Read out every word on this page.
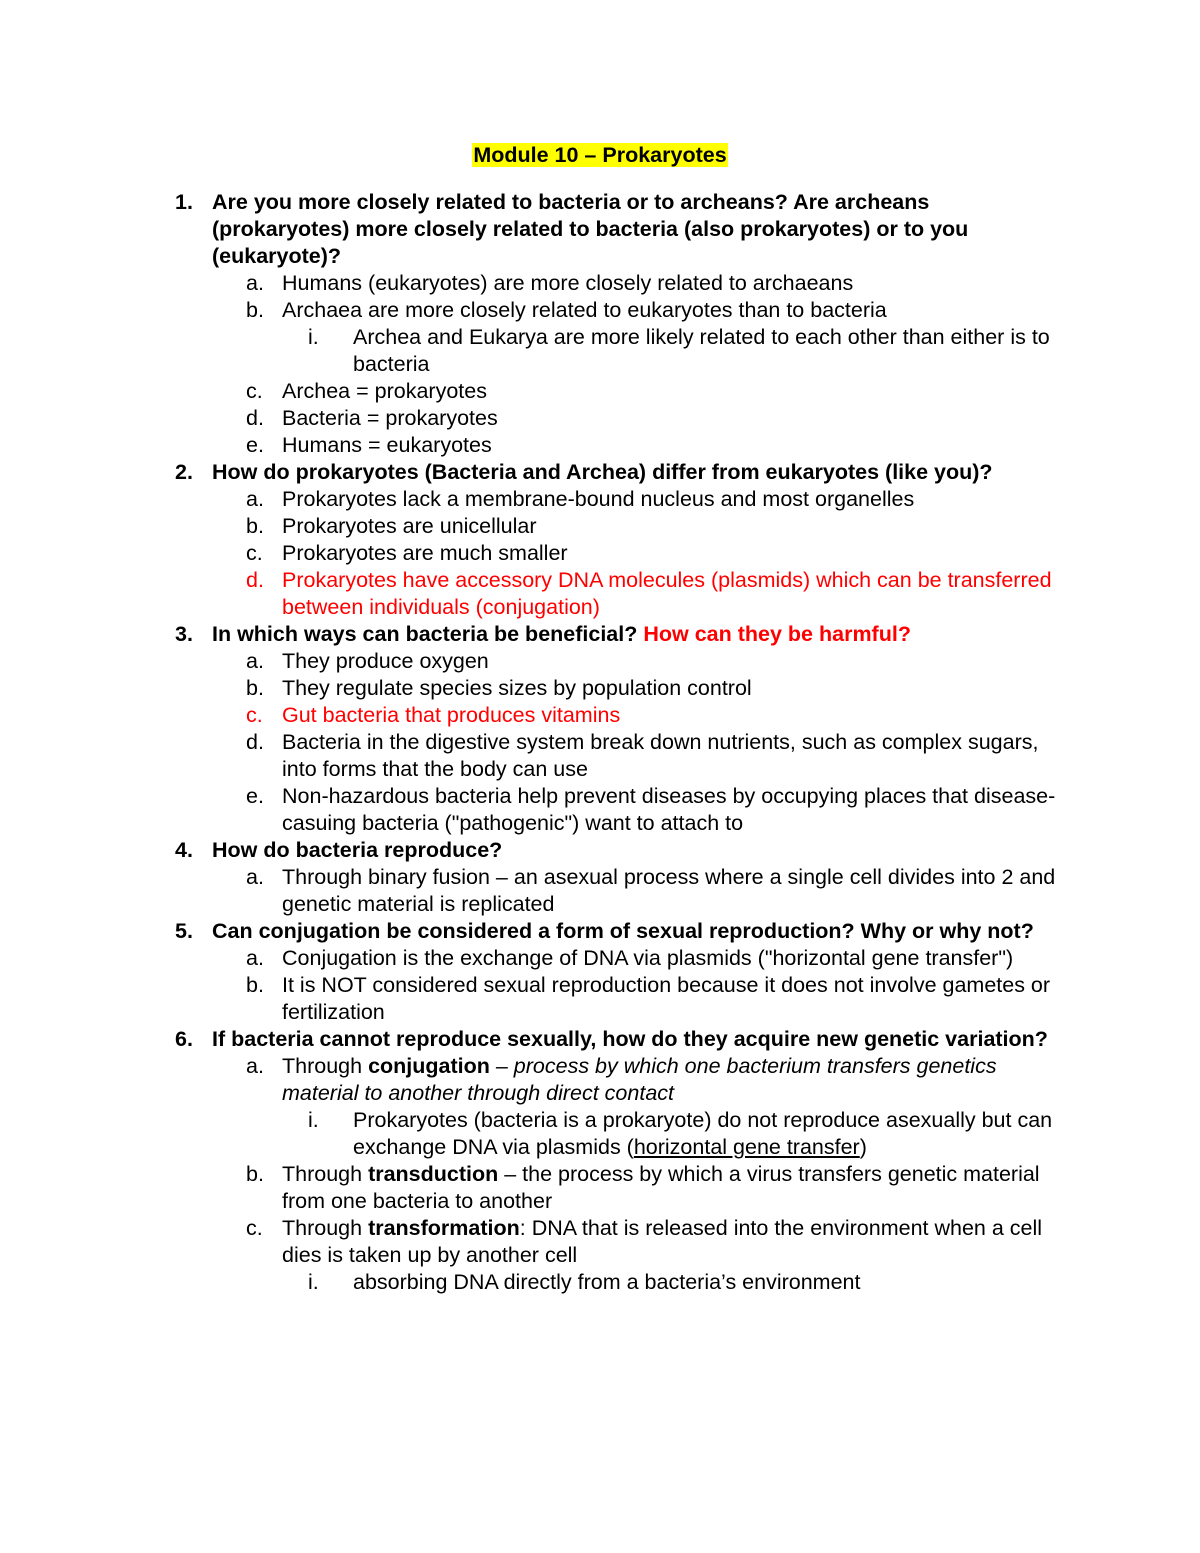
Module 10 – Prokaryotes
1. Are you more closely related to bacteria or to archeans? Are archeans (prokaryotes) more closely related to bacteria (also prokaryotes) or to you (eukaryote)?
a. Humans (eukaryotes) are more closely related to archaeans
b. Archaea are more closely related to eukaryotes than to bacteria
i. Archea and Eukarya are more likely related to each other than either is to bacteria
c. Archea = prokaryotes
d. Bacteria = prokaryotes
e. Humans = eukaryotes
2. How do prokaryotes (Bacteria and Archea) differ from eukaryotes (like you)?
a. Prokaryotes lack a membrane-bound nucleus and most organelles
b. Prokaryotes are unicellular
c. Prokaryotes are much smaller
d. Prokaryotes have accessory DNA molecules (plasmids) which can be transferred between individuals (conjugation)
3. In which ways can bacteria be beneficial? How can they be harmful?
a. They produce oxygen
b. They regulate species sizes by population control
c. Gut bacteria that produces vitamins
d. Bacteria in the digestive system break down nutrients, such as complex sugars, into forms that the body can use
e. Non-hazardous bacteria help prevent diseases by occupying places that disease-casuing bacteria ("pathogenic") want to attach to
4. How do bacteria reproduce?
a. Through binary fusion – an asexual process where a single cell divides into 2 and genetic material is replicated
5. Can conjugation be considered a form of sexual reproduction? Why or why not?
a. Conjugation is the exchange of DNA via plasmids ("horizontal gene transfer")
b. It is NOT considered sexual reproduction because it does not involve gametes or fertilization
6. If bacteria cannot reproduce sexually, how do they acquire new genetic variation?
a. Through conjugation – process by which one bacterium transfers genetics material to another through direct contact
i. Prokaryotes (bacteria is a prokaryote) do not reproduce asexually but can exchange DNA via plasmids (horizontal gene transfer)
b. Through transduction – the process by which a virus transfers genetic material from one bacteria to another
c. Through transformation: DNA that is released into the environment when a cell dies is taken up by another cell
i. absorbing DNA directly from a bacteria’s environment
